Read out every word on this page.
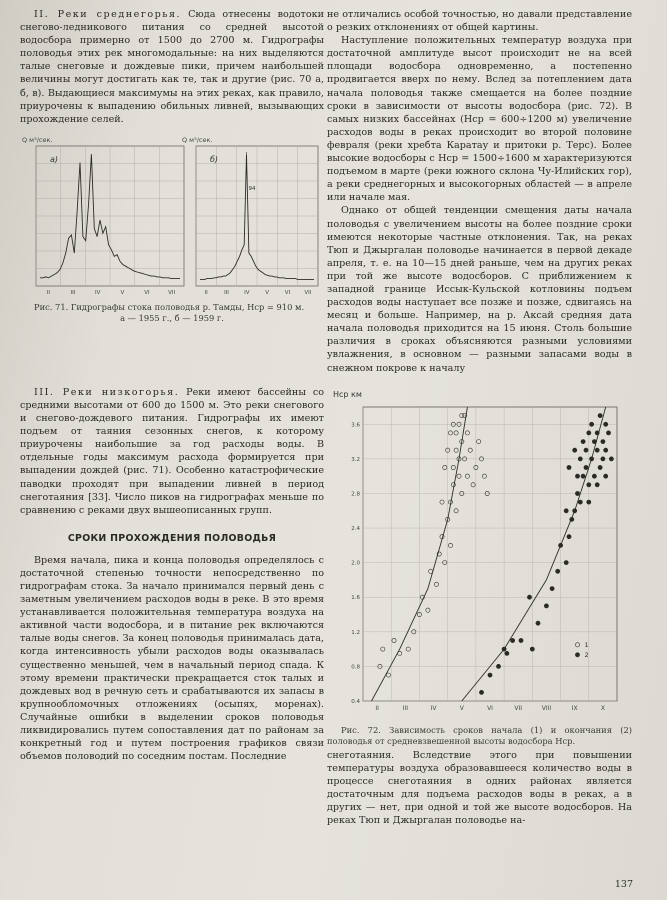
II. Реки среднегорья. Сюда отнесены водотоки снегово-ледникового питания со средней высотой водосбора примерно от 1500 до 2700 м. Гидрографы половодья этих рек многомодальные: на них выделяются талые снеговые и дождевые пики, причем наибольшей величины могут достигать как те, так и другие (рис. 70 а, б, в). Выдающиеся максимумы на этих реках, как правило, приурочены к выпадению обильных ливней, вызывающих прохождение селей.

Q м³/сек.
II	III	IV	V	VI	VII
а)
Q м³/сек.
II	III	IV	V	VI	VII
б)
94

Рис. 71. Гидрографы стока половодья р. Тамды, Hср = 910 м.

а — 1955 г., б — 1959 г.

III. Реки низкогорья. Реки имеют бассейны со средними высотами от 600 до 1500 м. Это реки снегового и снегово-дождевого питания. Гидрографы их имеют подъем от таяния сезонных снегов, к которому приурочены наибольшие за год расходы воды. В отдельные годы максимум расхода формируется при выпадении дождей (рис. 71). Особенно катастрофические паводки проходят при выпадении ливней в период снеготаяния [33]. Число пиков на гидрографах меньше по сравнению с реками двух вышеописанных групп.

СРОКИ ПРОХОЖДЕНИЯ ПОЛОВОДЬЯ

Время начала, пика и конца половодья определялось с достаточной степенью точности непосредственно по гидрографам стока. За начало принимался первый день с заметным увеличением расходов воды в реке. В это время устанавливается положительная температура воздуха на активной части водосбора, и в питание рек включаются талые воды снегов. За конец половодья принималась дата, когда интенсивность убыли расходов воды оказывалась существенно меньшей, чем в начальный период спада. К этому времени практически прекращается сток талых и дождевых вод в речную сеть и срабатываются их запасы в крупнообломочных отложениях (осыпях, моренах). Случайные ошибки в выделении сроков половодья ликвидировались путем сопоставления дат по районам за конкретный год и путем построения графиков связи объемов половодий по соседним постам. Последние

не отличались особой точностью, но давали представление о резких отклонениях от общей картины.

Наступление положительных температур воздуха при достаточной амплитуде высот происходит не на всей площади водосбора одновременно, а постепенно продвигается вверх по нему. Вслед за потеплением дата начала половодья также смещается на более поздние сроки в зависимости от высоты водосбора (рис. 72). В самых низких бассейнах (Hср = 600÷1200 м) увеличение расходов воды в реках происходит во второй половине февраля (реки хребта Каратау и притоки р. Терс). Более высокие водосборы с Hср = 1500÷1600 м характеризуются подъемом в марте (реки южного склона Чу-Илийских гор), а реки среднегорных и высокогорных областей — в апреле или начале мая.

Однако от общей тенденции смещения даты начала половодья с увеличением высоты на более поздние сроки имеются некоторые частные отклонения. Так, на реках Тюп и Джыргалан половодье начинается в первой декаде апреля, т. е. на 10—15 дней раньше, чем на других реках при той же высоте водосборов. С приближением к западной границе Иссык-Кульской котловины подъем расходов воды наступает все позже и позже, сдвигаясь на месяц и больше. Например, на р. Аксай средняя дата начала половодья приходится на 15 июня. Столь большие различия в сроках объясняются разными условиями увлажнения, в основном — разными запасами воды в снежном покрове к началу

Hср км
0.4
0.8
1.2
1.6
2.0
2.4
2.8
3.2
3.6
II	III	IV	V	VI	VII	VIII	IX	X
1
2

Рис. 72. Зависимость сроков начала (1) и окончания (2) половодья от средневзвешенной высоты водосбора Hср.

снеготаяния. Вследствие этого при повышении температуры воздуха образовавшееся количество воды в процессе снеготаяния в одних районах является достаточным для подъема расходов воды в реках, а в других — нет, при одной и той же высоте водосборов. На реках Тюп и Джыргалан половодье на-

137
